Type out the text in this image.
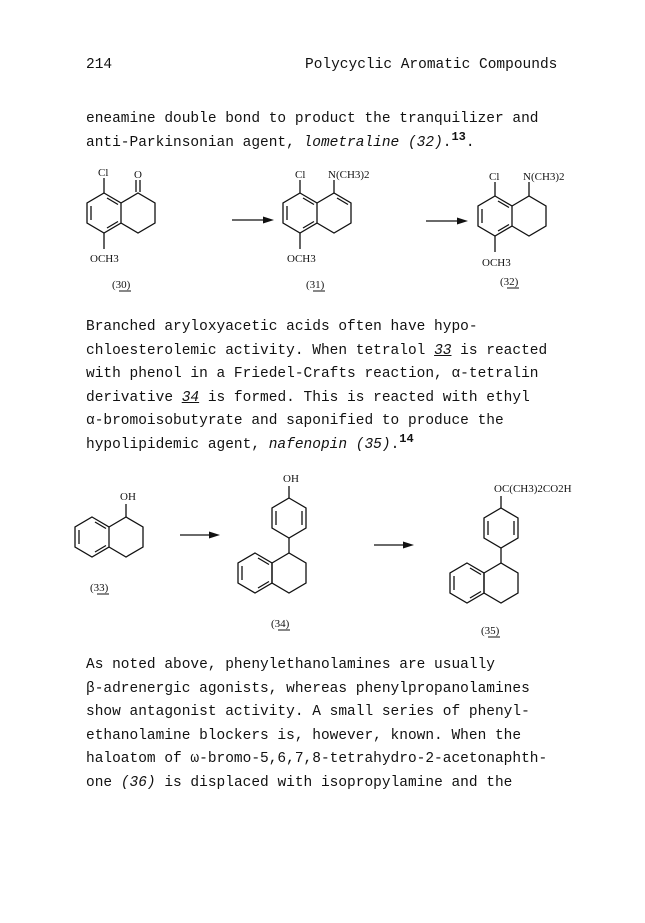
214	Polycyclic Aromatic Compounds
eneamine double bond to product the tranquilizer and
anti-Parkinsonian agent, lometraline (32).$^{13}$.
Cl O
OCH3
(30)
Cl N(CH3)2
OCH3
(31)
Cl N(CH3)2
OCH3
(32)
Branched aryloxyacetic acids often have hypo-
chloesterolemic activity. When tetralol 33 is reacted
with phenol in a Friedel-Crafts reaction, α-tetralin
derivative 34 is formed. This is reacted with ethyl
α-bromoisobutyrate and saponified to produce the
hypolipidemic agent, nafenopin (35).$^{14}$
OH
(33)
OH
(34)
OC(CH3)2CO2H
(35)
As noted above, phenylethanolamines are usually
β-adrenergic agonists, whereas phenylpropanolamines
show antagonist activity. A small series of phenyl-
ethanolamine blockers is, however, known. When the
haloatom of ω-bromo-5,6,7,8-tetrahydro-2-acetonaphth-
one (36) is displaced with isopropylamine and the
